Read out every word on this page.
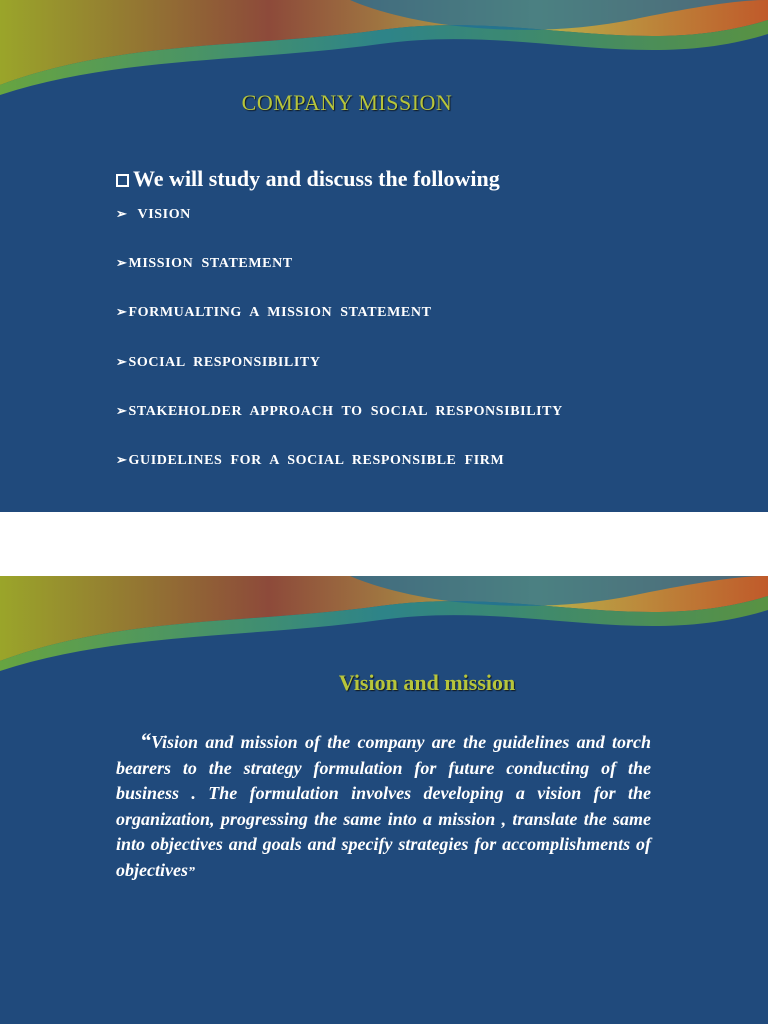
COMPANY MISSION
We will study and discuss the following
➢ VISION
➢MISSION STATEMENT
➢FORMUALTING A MISSION STATEMENT
➢SOCIAL RESPONSIBILITY
➢STAKEHOLDER APPROACH TO SOCIAL RESPONSIBILITY
➢GUIDELINES FOR A SOCIAL RESPONSIBLE FIRM
Vision and mission
“Vision and mission of the company are the guidelines and torch bearers to the strategy formulation for future conducting of the business . The formulation involves developing a vision for the organization, progressing the same into a mission , translate the same into objectives and goals and specify strategies for accomplishments of objectives”
